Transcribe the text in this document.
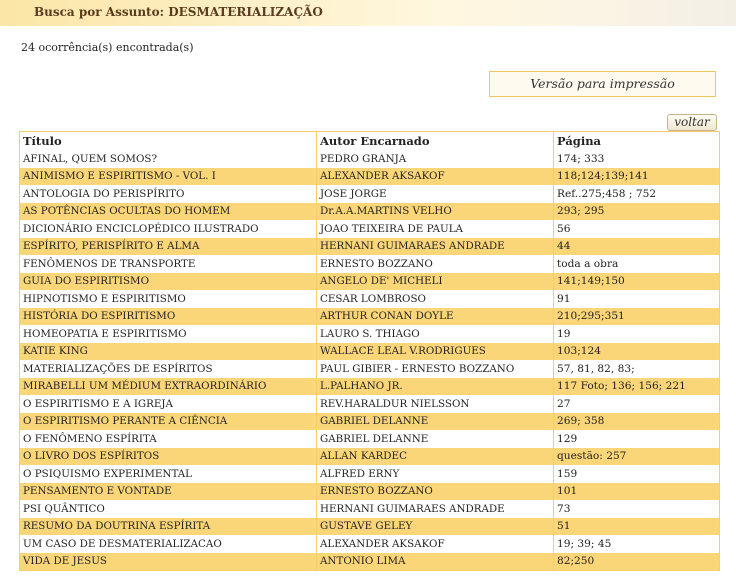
Busca por Assunto: DESMATERIALIZAÇÃO
24 ocorrência(s) encontrada(s)
Versão para impressão
voltar
Título	Autor Encarnado	Página
AFINAL, QUEM SOMOS?	PEDRO GRANJA	174; 333
ANIMISMO E ESPIRITISMO - VOL. I	ALEXANDER AKSAKOF	118;124;139;141
ANTOLOGIA DO PERISPÍRITO	JOSE JORGE	Ref..275;458 ; 752
AS POTÊNCIAS OCULTAS DO HOMEM	Dr.A.A.MARTINS VELHO	293; 295
DICIONÁRIO ENCICLOPÉDICO ILUSTRADO	JOAO TEIXEIRA DE PAULA	56
ESPÍRITO, PERISPÍRITO E ALMA	HERNANI GUIMARAES ANDRADE	44
FENÔMENOS DE TRANSPORTE	ERNESTO BOZZANO	toda a obra
GUIA DO ESPIRITISMO	ANGELO DE' MICHELI	141;149;150
HIPNOTISMO E ESPIRITISMO	CESAR LOMBROSO	91
HISTÓRIA DO ESPIRITISMO	ARTHUR CONAN DOYLE	210;295;351
HOMEOPATIA E ESPIRITISMO	LAURO S. THIAGO	19
KATIE KING	WALLACE LEAL V.RODRIGUES	103;124
MATERIALIZAÇÕES DE ESPÍRITOS	PAUL GIBIER - ERNESTO BOZZANO	57, 81, 82, 83;
MIRABELLI UM MÉDIUM EXTRAORDINÁRIO	L.PALHANO JR.	117 Foto; 136; 156; 221
O ESPIRITISMO E A IGREJA	REV.HARALDUR NIELSSON	27
O ESPIRITISMO PERANTE A CIÊNCIA	GABRIEL DELANNE	269; 358
O FENÔMENO ESPÍRITA	GABRIEL DELANNE	129
O LIVRO DOS ESPÍRITOS	ALLAN KARDEC	questão: 257
O PSIQUISMO EXPERIMENTAL	ALFRED ERNY	159
PENSAMENTO E VONTADE	ERNESTO BOZZANO	101
PSI QUÂNTICO	HERNANI GUIMARAES ANDRADE	73
RESUMO DA DOUTRINA ESPÍRITA	GUSTAVE GELEY	51
UM CASO DE DESMATERIALIZACAO	ALEXANDER AKSAKOF	19; 39; 45
VIDA DE JESUS	ANTONIO LIMA	82;250
